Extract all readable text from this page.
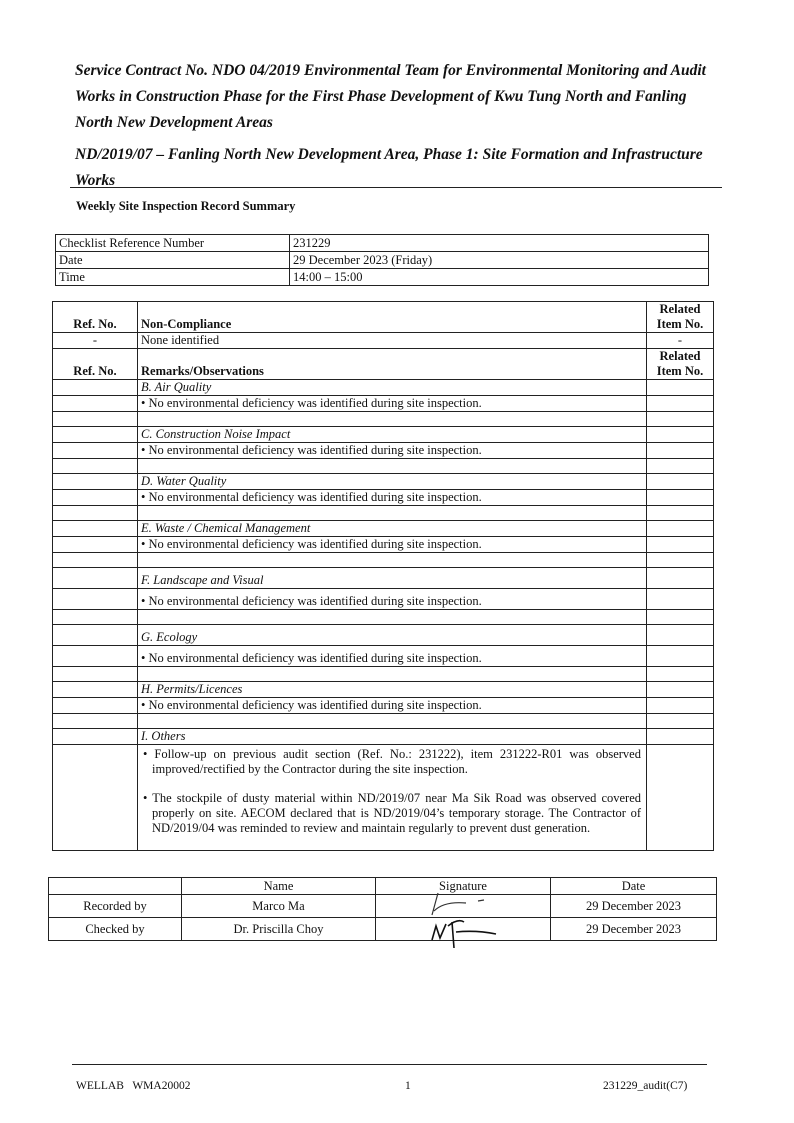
Service Contract No. NDO 04/2019 Environmental Team for Environmental Monitoring and Audit Works in Construction Phase for the First Phase Development of Kwu Tung North and Fanling North New Development Areas

ND/2019/07 – Fanling North New Development Area, Phase 1: Site Formation and Infrastructure Works

Weekly Site Inspection Record Summary
Checklist Reference Number	231229
Date	29 December 2023 (Friday)
Time	14:00 – 15:00
Ref. No.	Non-Compliance	Related Item No.
-	None identified	-
Ref. No.	Remarks/Observations	Related Item No.
	B. Air Quality	
	• No environmental deficiency was identified during site inspection.	

	C. Construction Noise Impact	
	• No environmental deficiency was identified during site inspection.	

	D. Water Quality	
	• No environmental deficiency was identified during site inspection.	

	E. Waste / Chemical Management	
	• No environmental deficiency was identified during site inspection.	

	F. Landscape and Visual	
	• No environmental deficiency was identified during site inspection.	

	G. Ecology	
	• No environmental deficiency was identified during site inspection.	

	H. Permits/Licences	
	• No environmental deficiency was identified during site inspection.	

	I. Others	

	• Follow-up on previous audit section (Ref. No.: 231222), item 231222-R01 was observed improved/rectified by the Contractor during the site inspection.

• The stockpile of dusty material within ND/2019/07 near Ma Sik Road was observed covered properly on site. AECOM declared that is ND/2019/04’s temporary storage. The Contractor of ND/2019/04 was reminded to review and maintain regularly to prevent dust generation.

	Name	Signature	Date
Recorded by	Marco Ma		29 December 2023
Checked by	Dr. Priscilla Choy		29 December 2023
WELLAB   WMA20002	1	231229_audit(C7)
